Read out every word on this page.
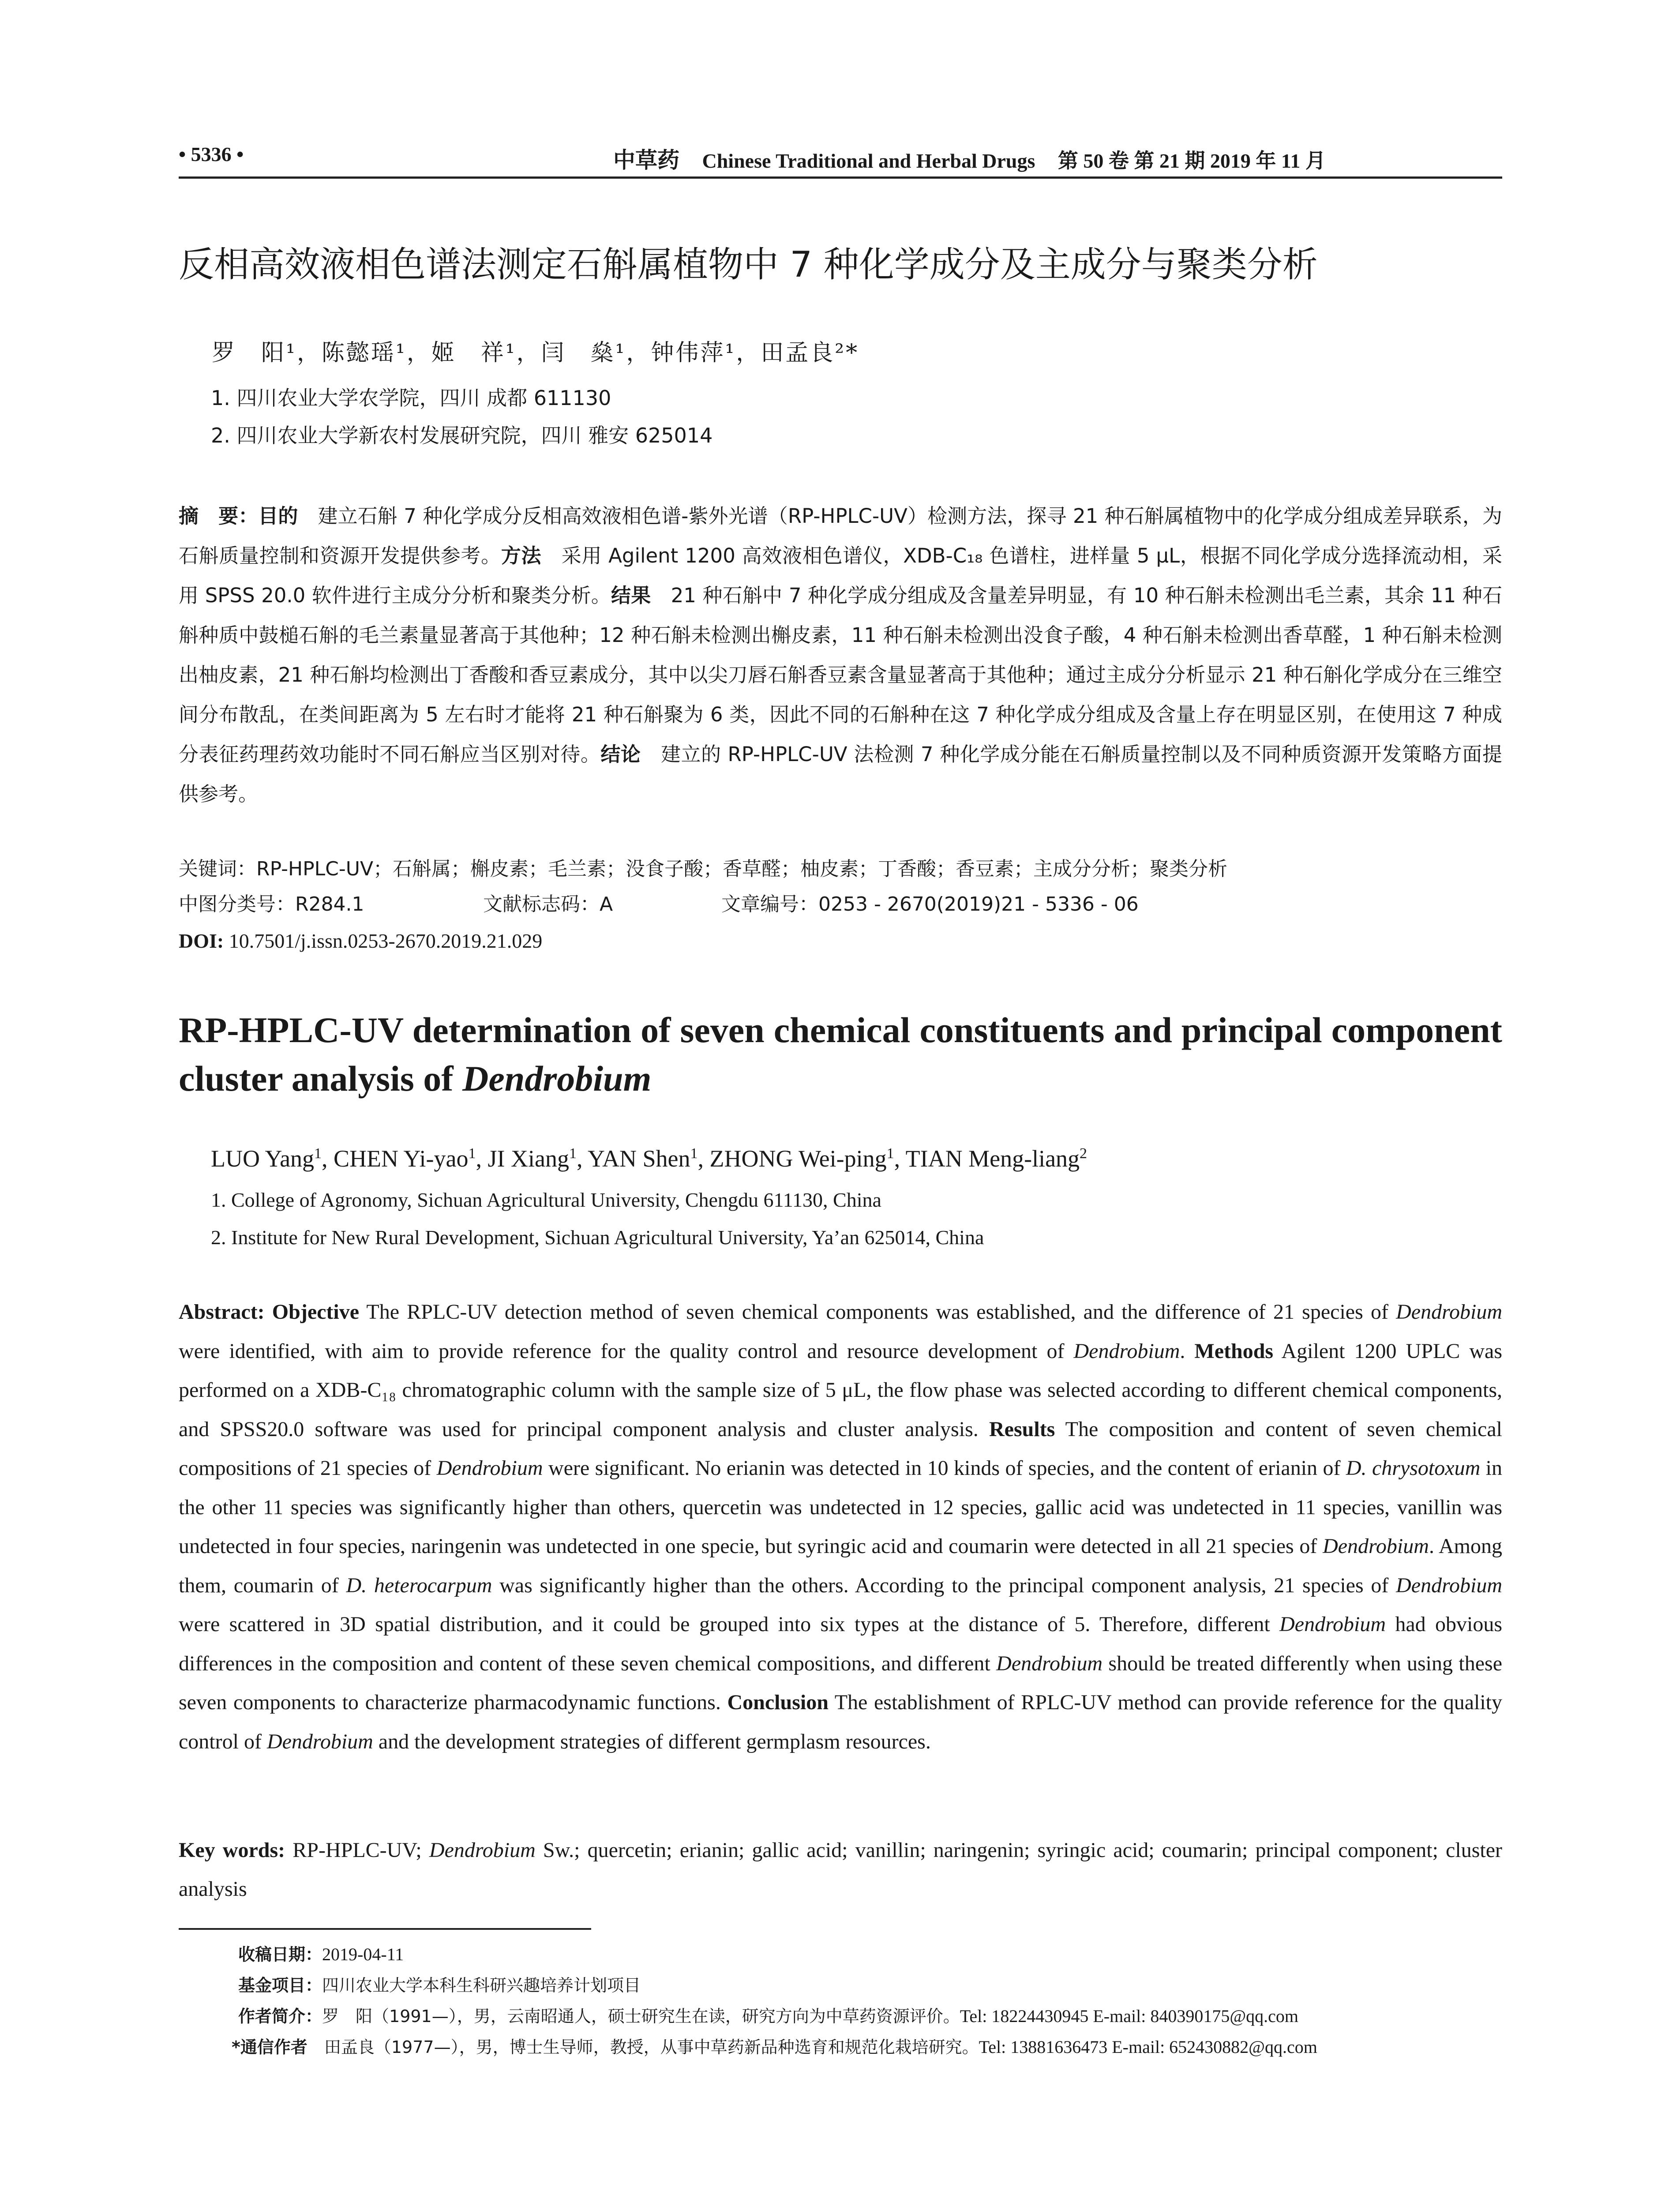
• 5336 •	中草药 Chinese Traditional and Herbal Drugs 第 50 卷 第 21 期 2019 年 11 月
反相高效液相色谱法测定石斛属植物中 7 种化学成分及主成分与聚类分析
罗　阳¹，陈懿瑶¹，姬　祥¹，闫　燊¹，钟伟萍¹，田孟良²*
1. 四川农业大学农学院，四川 成都 611130
2. 四川农业大学新农村发展研究院，四川 雅安 625014
摘　要：目的　建立石斛 7 种化学成分反相高效液相色谱-紫外光谱（RP-HPLC-UV）检测方法，探寻 21 种石斛属植物中的化学成分组成差异联系，为石斛质量控制和资源开发提供参考。方法　采用 Agilent 1200 高效液相色谱仪，XDB-C₁₈ 色谱柱，进样量 5 μL，根据不同化学成分选择流动相，采用 SPSS 20.0 软件进行主成分分析和聚类分析。结果　21 种石斛中 7 种化学成分组成及含量差异明显，有 10 种石斛未检测出毛兰素，其余 11 种石斛种质中鼓槌石斛的毛兰素量显著高于其他种；12 种石斛未检测出槲皮素，11 种石斛未检测出没食子酸，4 种石斛未检测出香草醛，1 种石斛未检测出柚皮素，21 种石斛均检测出丁香酸和香豆素成分，其中以尖刀唇石斛香豆素含量显著高于其他种；通过主成分分析显示 21 种石斛化学成分在三维空间分布散乱，在类间距离为 5 左右时才能将 21 种石斛聚为 6 类，因此不同的石斛种在这 7 种化学成分组成及含量上存在明显区别，在使用这 7 种成分表征药理药效功能时不同石斛应当区别对待。结论　建立的 RP-HPLC-UV 法检测 7 种化学成分能在石斛质量控制以及不同种质资源开发策略方面提供参考。
关键词：RP-HPLC-UV；石斛属；槲皮素；毛兰素；没食子酸；香草醛；柚皮素；丁香酸；香豆素；主成分分析；聚类分析
中图分类号：R284.1	文献标志码：A	文章编号：0253 - 2670(2019)21 - 5336 - 06
DOI: 10.7501/j.issn.0253-2670.2019.21.029
RP-HPLC-UV determination of seven chemical constituents and principal component cluster analysis of Dendrobium
LUO Yang$^1$, CHEN Yi-yao$^1$, JI Xiang$^1$, YAN Shen$^1$, ZHONG Wei-ping$^1$, TIAN Meng-liang$^2$
1. College of Agronomy, Sichuan Agricultural University, Chengdu 611130, China
2. Institute for New Rural Development, Sichuan Agricultural University, Ya’an 625014, China
Abstract: Objective The RPLC-UV detection method of seven chemical components was established, and the difference of 21 species of Dendrobium were identified, with aim to provide reference for the quality control and resource development of Dendrobium. Methods Agilent 1200 UPLC was performed on a XDB-C₁₈ chromatographic column with the sample size of 5 μL, the flow phase was selected according to different chemical components, and SPSS20.0 software was used for principal component analysis and cluster analysis. Results The composition and content of seven chemical compositions of 21 species of Dendrobium were significant. No erianin was detected in 10 kinds of species, and the content of erianin of D. chrysotoxum in the other 11 species was significantly higher than others, quercetin was undetected in 12 species, gallic acid was undetected in 11 species, vanillin was undetected in four species, naringenin was undetected in one specie, but syringic acid and coumarin were detected in all 21 species of Dendrobium. Among them, coumarin of D. heterocarpum was significantly higher than the others. According to the principal component analysis, 21 species of Dendrobium were scattered in 3D spatial distribution, and it could be grouped into six types at the distance of 5. Therefore, different Dendrobium had obvious differences in the composition and content of these seven chemical compositions, and different Dendrobium should be treated differently when using these seven components to characterize pharmacodynamic functions. Conclusion The establishment of RPLC-UV method can provide reference for the quality control of Dendrobium and the development strategies of different germplasm resources.
Key words: RP-HPLC-UV; Dendrobium Sw.; quercetin; erianin; gallic acid; vanillin; naringenin; syringic acid; coumarin; principal component; cluster analysis
收稿日期：2019-04-11
基金项目：四川农业大学本科生科研兴趣培养计划项目
作者简介：罗　阳（1991—），男，云南昭通人，硕士研究生在读，研究方向为中草药资源评价。Tel: 18224430945 E-mail: 840390175@qq.com
*通信作者　田孟良（1977—），男，博士生导师，教授，从事中草药新品种选育和规范化栽培研究。Tel: 13881636473 E-mail: 652430882@qq.com
